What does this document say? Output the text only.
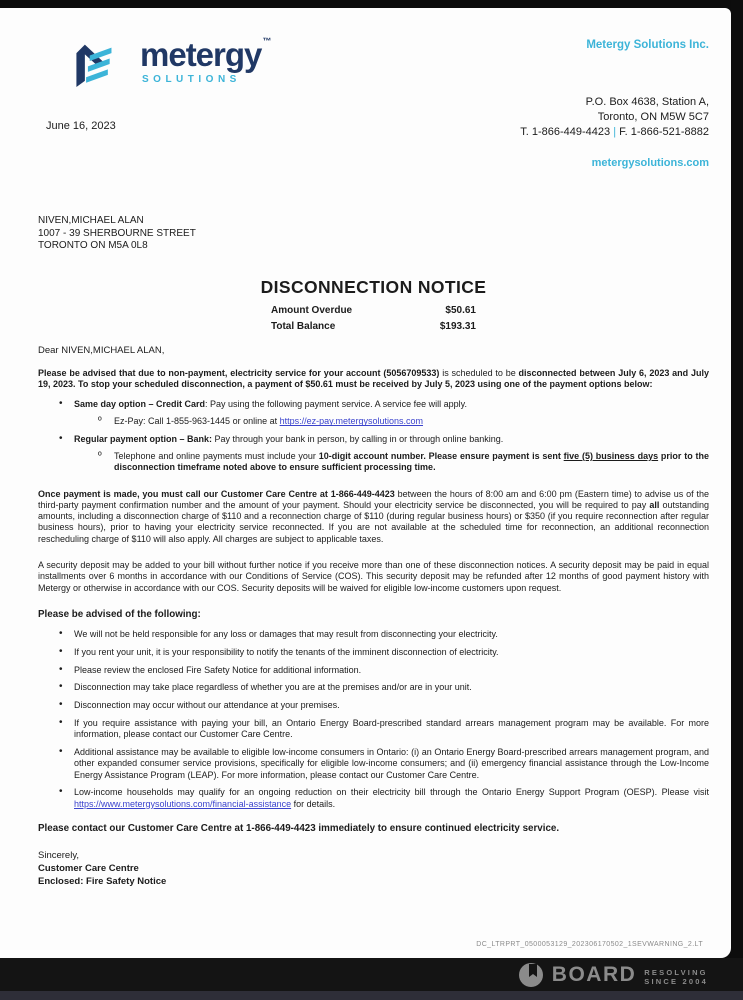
metergy™
SOLUTIONS
June 16, 2023
Metergy Solutions Inc.
P.O. Box 4638, Station A,
Toronto, ON M5W 5C7
T. 1-866-449-4423 | F. 1-866-521-8882
metergysolutions.com
NIVEN,MICHAEL ALAN
1007 - 39 SHERBOURNE STREET
TORONTO ON M5A 0L8
DISCONNECTION NOTICE
Amount Overdue	$50.61
Total Balance	$193.31
Dear NIVEN,MICHAEL ALAN,

Please be advised that due to non-payment, electricity service for your account (5056709533) is scheduled to be disconnected between July 6, 2023 and July 19, 2023. To stop your scheduled disconnection, a payment of $50.61 must be received by July 5, 2023 using one of the payment options below:

• Same day option – Credit Card: Pay using the following payment service. A service fee will apply.
º Ez-Pay: Call 1-855-963-1445 or online at https://ez-pay.metergysolutions.com
• Regular payment option – Bank: Pay through your bank in person, by calling in or through online banking.
º Telephone and online payments must include your 10-digit account number. Please ensure payment is sent five (5) business days prior to the disconnection timeframe noted above to ensure sufficient processing time.

Once payment is made, you must call our Customer Care Centre at 1-866-449-4423 between the hours of 8:00 am and 6:00 pm (Eastern time) to advise us of the third-party payment confirmation number and the amount of your payment. Should your electricity service be disconnected, you will be required to pay all outstanding amounts, including a disconnection charge of $110 and a reconnection charge of $110 (during regular business hours) or $350 (if you require reconnection after regular business hours), prior to having your electricity service reconnected. If you are not available at the scheduled time for reconnection, an additional reconnection rescheduling charge of $110 will also apply. All charges are subject to applicable taxes.

A security deposit may be added to your bill without further notice if you receive more than one of these disconnection notices. A security deposit may be paid in equal installments over 6 months in accordance with our Conditions of Service (COS). This security deposit may be refunded after 12 months of good payment history with Metergy or otherwise in accordance with our COS. Security deposits will be waived for eligible low-income customers upon request.

Please be advised of the following:
• We will not be held responsible for any loss or damages that may result from disconnecting your electricity.
• If you rent your unit, it is your responsibility to notify the tenants of the imminent disconnection of electricity.
• Please review the enclosed Fire Safety Notice for additional information.
• Disconnection may take place regardless of whether you are at the premises and/or are in your unit.
• Disconnection may occur without our attendance at your premises.
• If you require assistance with paying your bill, an Ontario Energy Board-prescribed standard arrears management program may be available. For more information, please contact our Customer Care Centre.
• Additional assistance may be available to eligible low-income consumers in Ontario: (i) an Ontario Energy Board-prescribed arrears management program, and other expanded consumer service provisions, specifically for eligible low-income consumers; and (ii) emergency financial assistance through the Low-Income Energy Assistance Program (LEAP). For more information, please contact our Customer Care Centre.
• Low-income households may qualify for an ongoing reduction on their electricity bill through the Ontario Energy Support Program (OESP). Please visit https://www.metergysolutions.com/financial-assistance for details.
Please contact our Customer Care Centre at 1-866-449-4423 immediately to ensure continued electricity service.
Sincerely,
Customer Care Centre
Enclosed: Fire Safety Notice
DC_LTRPRT_0500053129_202306170502_1SEVWARNING_2.LT
BOARD RESOLVING
SINCE 2004
